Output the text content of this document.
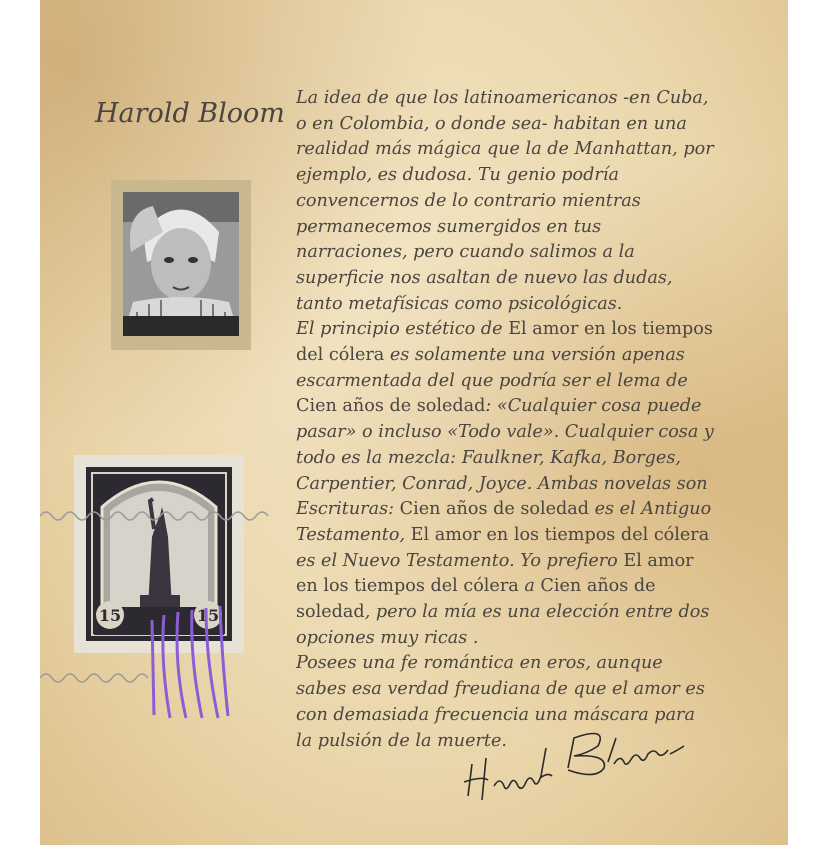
Harold Bloom
15	15

La idea de que los latinoamericanos -en Cuba, o en Colombia, o donde sea- habitan en una realidad más mágica que la de Manhattan, por ejemplo, es dudosa. Tu genio podría convencernos de lo contrario mientras permanecemos sumergidos en tus narraciones, pero cuando salimos a la superficie nos asaltan de nuevo las dudas, tanto metafísicas como psicológicas.

El principio estético de El amor en los tiempos del cólera es solamente una versión apenas escarmentada del que podría ser el lema de Cien años de soledad: «Cualquier cosa puede pasar» o incluso «Todo vale». Cualquier cosa y todo es la mezcla: Faulkner, Kafka, Borges, Carpentier, Conrad, Joyce. Ambas novelas son Escrituras: Cien años de soledad es el Antiguo Testamento, El amor en los tiempos del cólera es el Nuevo Testamento. Yo prefiero El amor en los tiempos del cólera a Cien años de soledad, pero la mía es una elección entre dos opciones muy ricas .

Posees una fe romántica en eros, aunque sabes esa verdad freudiana de que el amor es con demasiada frecuencia una máscara para la pulsión de la muerte.
